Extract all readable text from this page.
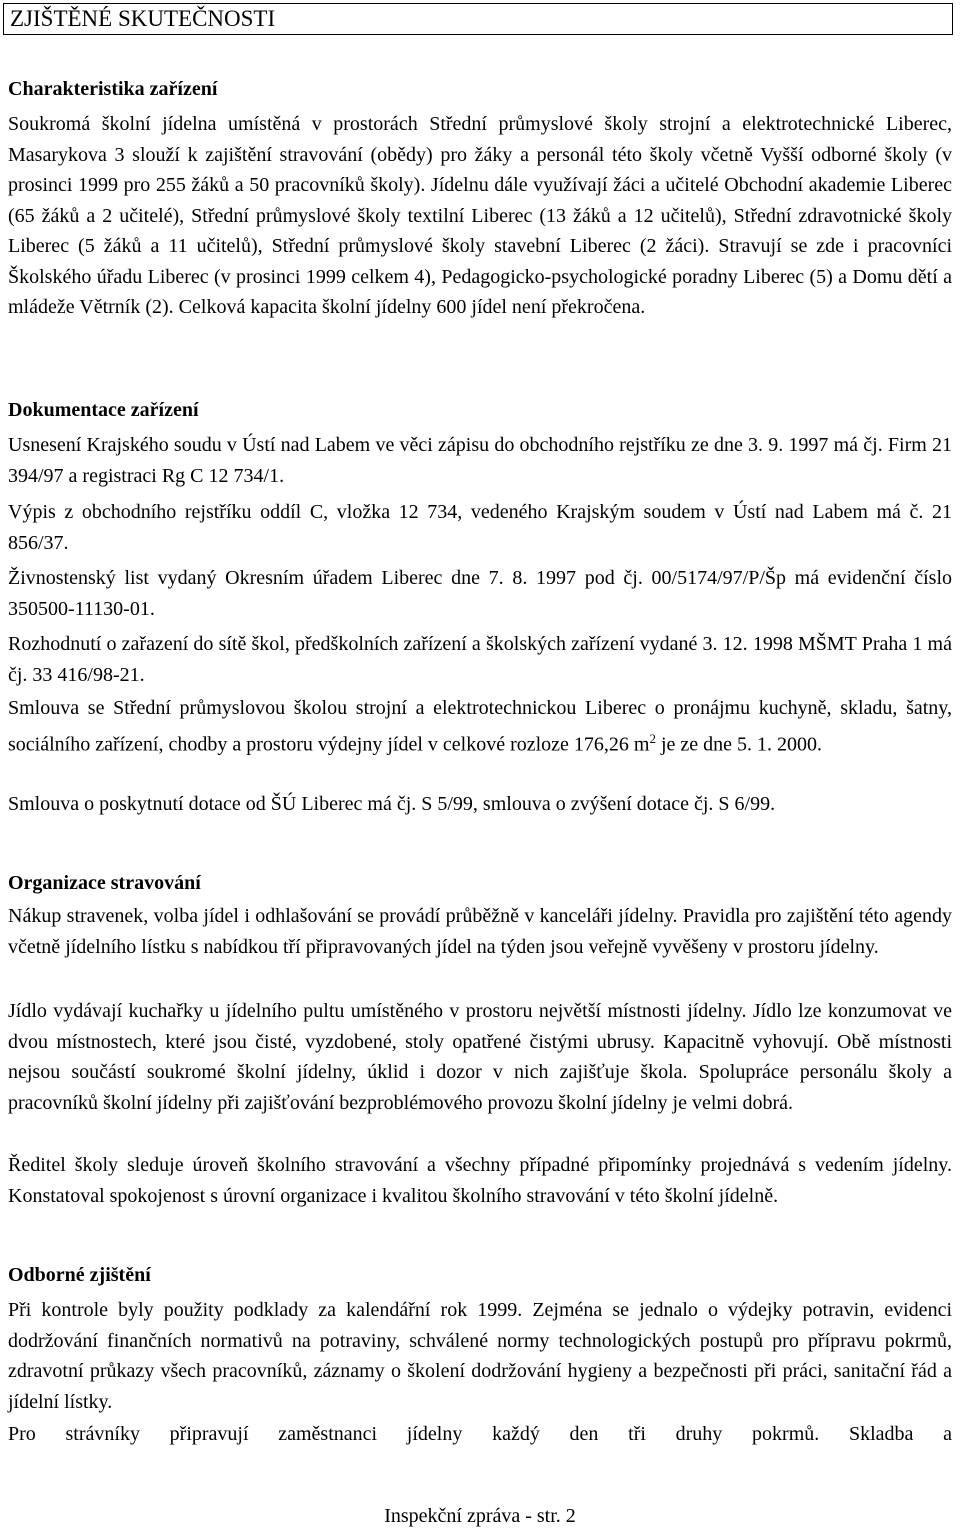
ZJIŠTĚNÉ SKUTEČNOSTI
Charakteristika zařízení
Soukromá školní jídelna umístěná v prostorách Střední průmyslové školy strojní a elektrotechnické Liberec, Masarykova 3 slouží k zajištění stravování (obědy) pro žáky a personál této školy včetně Vyšší odborné školy (v prosinci 1999 pro 255 žáků a 50 pracovníků školy). Jídelnu dále využívají žáci a učitelé Obchodní akademie Liberec (65 žáků a 2 učitelé), Střední průmyslové školy textilní Liberec (13 žáků a 12 učitelů), Střední zdravotnické školy Liberec (5 žáků a 11 učitelů), Střední průmyslové školy stavební Liberec (2 žáci). Stravují se zde i pracovníci Školského úřadu Liberec (v prosinci 1999 celkem 4), Pedagogicko-psychologické poradny Liberec (5) a Domu dětí a mládeže Větrník (2). Celková kapacita školní jídelny 600 jídel není překročena.
Dokumentace zařízení
Usnesení Krajského soudu v Ústí nad Labem ve věci zápisu do obchodního rejstříku ze dne 3. 9. 1997 má čj. Firm 21 394/97 a registraci Rg C 12 734/1.
Výpis z obchodního rejstříku oddíl C, vložka 12 734, vedeného Krajským soudem v Ústí nad Labem má č. 21 856/37.
Živnostenský list vydaný Okresním úřadem Liberec dne 7. 8. 1997 pod čj. 00/5174/97/P/Šp má evidenční číslo 350500-11130-01.
Rozhodnutí o zařazení do sítě škol, předškolních zařízení a školských zařízení vydané 3. 12. 1998 MŠMT Praha 1 má čj. 33 416/98-21.
Smlouva se Střední průmyslovou školou strojní a elektrotechnickou Liberec o pronájmu kuchyně, skladu, šatny, sociálního zařízení, chodby a prostoru výdejny jídel v celkové rozloze 176,26 $m^2$ je ze dne 5. 1. 2000.
Smlouva o poskytnutí dotace od ŠÚ Liberec má čj. S 5/99, smlouva o zvýšení dotace čj. S 6/99.
Organizace stravování
Nákup stravenek, volba jídel i odhlašování se provádí průběžně v kanceláři jídelny. Pravidla pro zajištění této agendy včetně jídelního lístku s nabídkou tří připravovaných jídel na týden jsou veřejně vyvěšeny v prostoru jídelny.
Jídlo vydávají kuchařky u jídelního pultu umístěného v prostoru největší místnosti jídelny. Jídlo lze konzumovat ve dvou místnostech, které jsou čisté, vyzdobené, stoly opatřené čistými ubrusy. Kapacitně vyhovují. Obě místnosti nejsou součástí soukromé školní jídelny, úklid i dozor v nich zajišťuje škola. Spolupráce personálu školy a pracovníků školní jídelny při zajišťování bezproblémového provozu školní jídelny je velmi dobrá.
Ředitel školy sleduje úroveň školního stravování a všechny případné připomínky projednává s vedením jídelny. Konstatoval spokojenost s úrovní organizace i kvalitou školního stravování v této školní jídelně.
Odborné zjištění
Při kontrole byly použity podklady za kalendářní rok 1999. Zejména se jednalo o výdejky potravin, evidenci dodržování finančních normativů na potraviny, schválené normy technologických postupů pro přípravu pokrmů, zdravotní průkazy všech pracovníků, záznamy o školení dodržování hygieny a bezpečnosti při práci, sanitační řád a jídelní lístky.
Pro strávníky připravují zaměstnanci jídelny každý den tři druhy pokrmů. Skladba a
Inspekční zpráva - str. 2
